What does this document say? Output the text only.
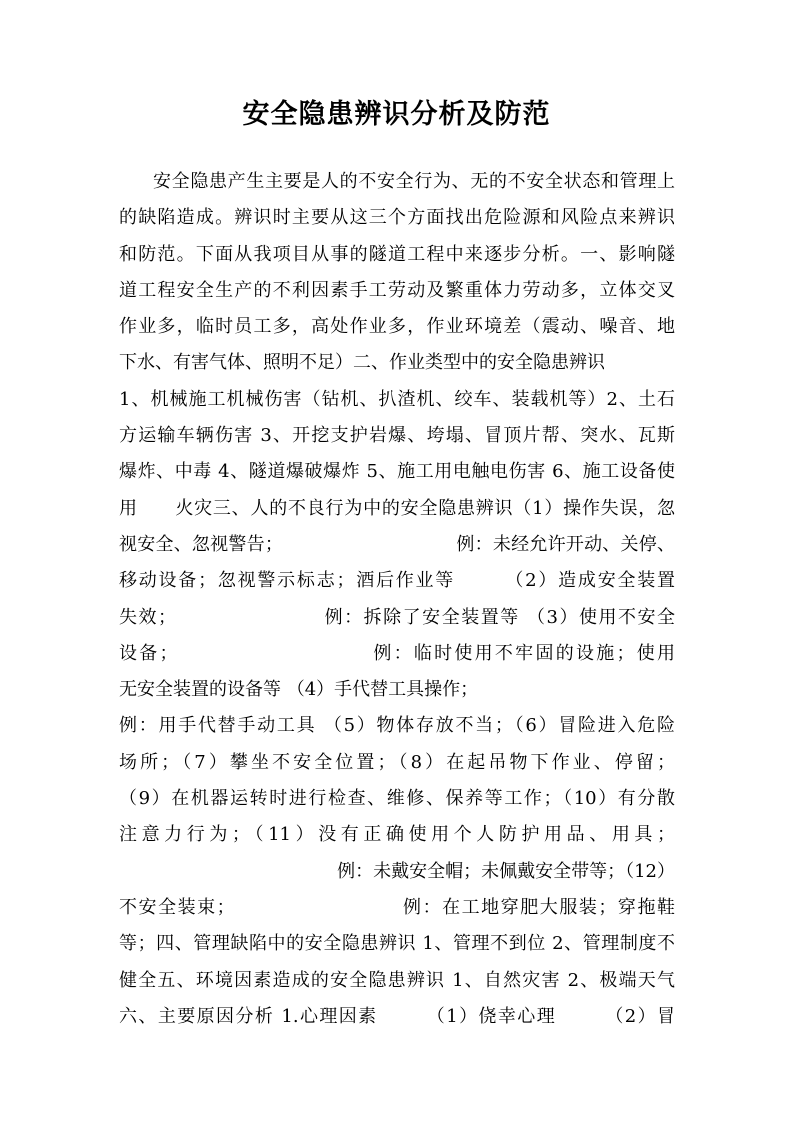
安全隐患辨识分析及防范
安全隐患产生主要是人的不安全行为、无的不安全状态和管理上
的缺陷造成。辨识时主要从这三个方面找出危险源和风险点来辨识
和防范。下面从我项目从事的隧道工程中来逐步分析。一、影响隧
道工程安全生产的不利因素手工劳动及繁重体力劳动多，立体交叉
作业多，临时员工多，高处作业多，作业环境差（震动、噪音、地
下水、有害气体、照明不足）二、作业类型中的安全隐患辨识
1、机械施工机械伤害（钻机、扒渣机、绞车、装载机等）2、土石
方运输车辆伤害 3、开挖支护岩爆、垮塌、冒顶片帮、突水、瓦斯
爆炸、中毒 4、隧道爆破爆炸 5、施工用电触电伤害 6、施工设备使
用　　火灾三、人的不良行为中的安全隐患辨识（1）操作失误，忽
视安全、忽视警告；　　　　　　　　　　例：未经允许开动、关停、
移动设备；忽视警示标志；酒后作业等　　　（2）造成安全装置
失效；　　　　　　　　例：拆除了安全装置等 （3）使用不安全
设备；　　　　　　　　　　例：临时使用不牢固的设施；使用
无安全装置的设备等 （4）手代替工具操作；
例：用手代替手动工具 （5）物体存放不当；（6）冒险进入危险
场所；（7）攀坐不安全位置；（8）在起吊物下作业、停留；
（9）在机器运转时进行检查、维修、保养等工作；（10）有分散
注意力行为；（11）没有正确使用个人防护用品、用具；
例：未戴安全帽；未佩戴安全带等；（12）
不安全装束；　　　　　　　　　例：在工地穿肥大服装；穿拖鞋
等；四、管理缺陷中的安全隐患辨识 1、管理不到位 2、管理制度不
健全五、环境因素造成的安全隐患辨识 1、自然灾害 2、极端天气
六、主要原因分析 1.心理因素　　　（1）侥幸心理　　　（2）冒
